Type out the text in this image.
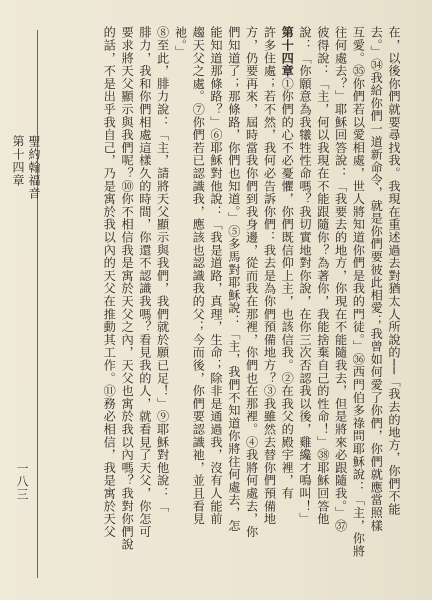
在，以後你們就要尋找我。我現在重述過去對猶太人所說的──「我去的地方，你們不能
去。」㉞我給你們一道新命令，就是你們要彼此相愛；我曾如何愛了你們，你們就應當照樣
互愛。㉟你們若以愛相處，世人將知道你們是我的門徒。」㊱西門伯多祿問耶穌說：「主，你將
往何處去？」耶穌回答說：「我要去的地方，你現在不能隨我去，但是將來必跟隨我。」㊲
彼得說：「主，何以我現在不能跟隨你？為著你，我能捨棄自己的性命！」㊳耶穌回答他
說：「你願意為我犧牲性命嗎？我切實地對你說，在你三次否認我以後，雞纔才鳴叫！」
第十四章①你們的心不必憂懼，你們既信仰上主，也該信我。②在我父的殿宇裡，有
許多住處；若不然，我何必告訴你們：我去是為你們預備地方？③我雖然去替你們預備地
方，仍要再來，屆時當我你們到我身邊，從而我在那裡，你們也在那裡。④我將何處去，你
們知道了；那條路，你們也知道。」⑤多馬對耶穌說：「主，我們不知道你將往何處去，怎
能知道那條路？」⑥耶穌對他說：「我是道路，真理，生命；除非是通過我，沒有人能前
趨天父之處。⑦你們若已認識我，應該也認識我的父；今而後，你們要認識祂，並且看見
祂。」
⑧至此，腓力說：「主，請將天父顯示與我們，我們就於願已足！」⑨耶穌對他說：「
腓力，我和你們相處這樣久的時間，你還不認識我嗎？看見我的人，就看見了天父，你怎可
要求將天父顯示與我們呢？⑩你不相信我是寓於天父之內，天父也寓於我以內嗎？我對你們說
的話，不是出乎我自己，乃是寓於我以內的天父在推動其工作。⑪務必相信，我是寓於天父
聖約翰福音
第十四章
一八三
